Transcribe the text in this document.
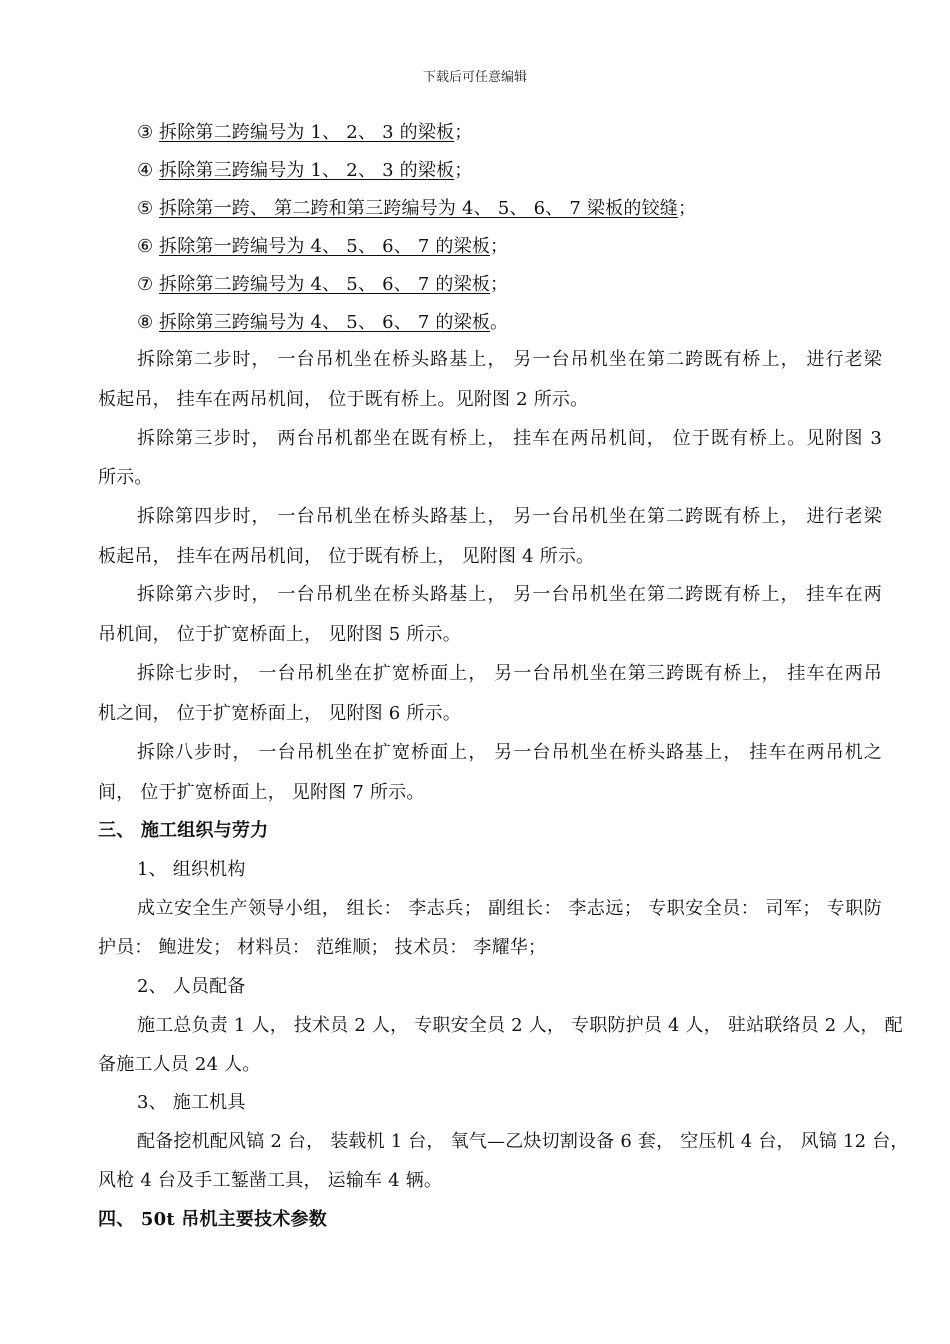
下载后可任意编辑
③ 拆除第二跨编号为 1、 2、 3 的梁板；
④ 拆除第三跨编号为 1、 2、 3 的梁板；
⑤ 拆除第一跨、 第二跨和第三跨编号为 4、 5、 6、 7 梁板的铰缝；
⑥ 拆除第一跨编号为 4、 5、 6、 7 的梁板；
⑦ 拆除第二跨编号为 4、 5、 6、 7 的梁板；
⑧ 拆除第三跨编号为 4、 5、 6、 7 的梁板。
拆除第二步时， 一台吊机坐在桥头路基上， 另一台吊机坐在第二跨既有桥上， 进行老梁
板起吊， 挂车在两吊机间， 位于既有桥上。见附图 2 所示。
拆除第三步时， 两台吊机都坐在既有桥上， 挂车在两吊机间， 位于既有桥上。见附图 3
所示。
拆除第四步时， 一台吊机坐在桥头路基上， 另一台吊机坐在第二跨既有桥上， 进行老梁
板起吊， 挂车在两吊机间， 位于既有桥上， 见附图 4 所示。
拆除第六步时， 一台吊机坐在桥头路基上， 另一台吊机坐在第二跨既有桥上， 挂车在两
吊机间， 位于扩宽桥面上， 见附图 5 所示。
拆除七步时， 一台吊机坐在扩宽桥面上， 另一台吊机坐在第三跨既有桥上， 挂车在两吊
机之间， 位于扩宽桥面上， 见附图 6 所示。
拆除八步时， 一台吊机坐在扩宽桥面上， 另一台吊机坐在桥头路基上， 挂车在两吊机之
间， 位于扩宽桥面上， 见附图 7 所示。
三、 施工组织与劳力
1、 组织机构
成立安全生产领导小组， 组长： 李志兵； 副组长： 李志远； 专职安全员： 司军； 专职防
护员： 鲍进发； 材料员： 范维顺； 技术员： 李耀华；
2、 人员配备
施工总负责 1 人， 技术员 2 人， 专职安全员 2 人， 专职防护员 4 人， 驻站联络员 2 人， 配
备施工人员 24 人。
3、 施工机具
配备挖机配风镐 2 台， 装载机 1 台， 氧气—乙炔切割设备 6 套， 空压机 4 台， 风镐 12 台，
风枪 4 台及手工錾凿工具， 运输车 4 辆。
四、 50t 吊机主要技术参数
